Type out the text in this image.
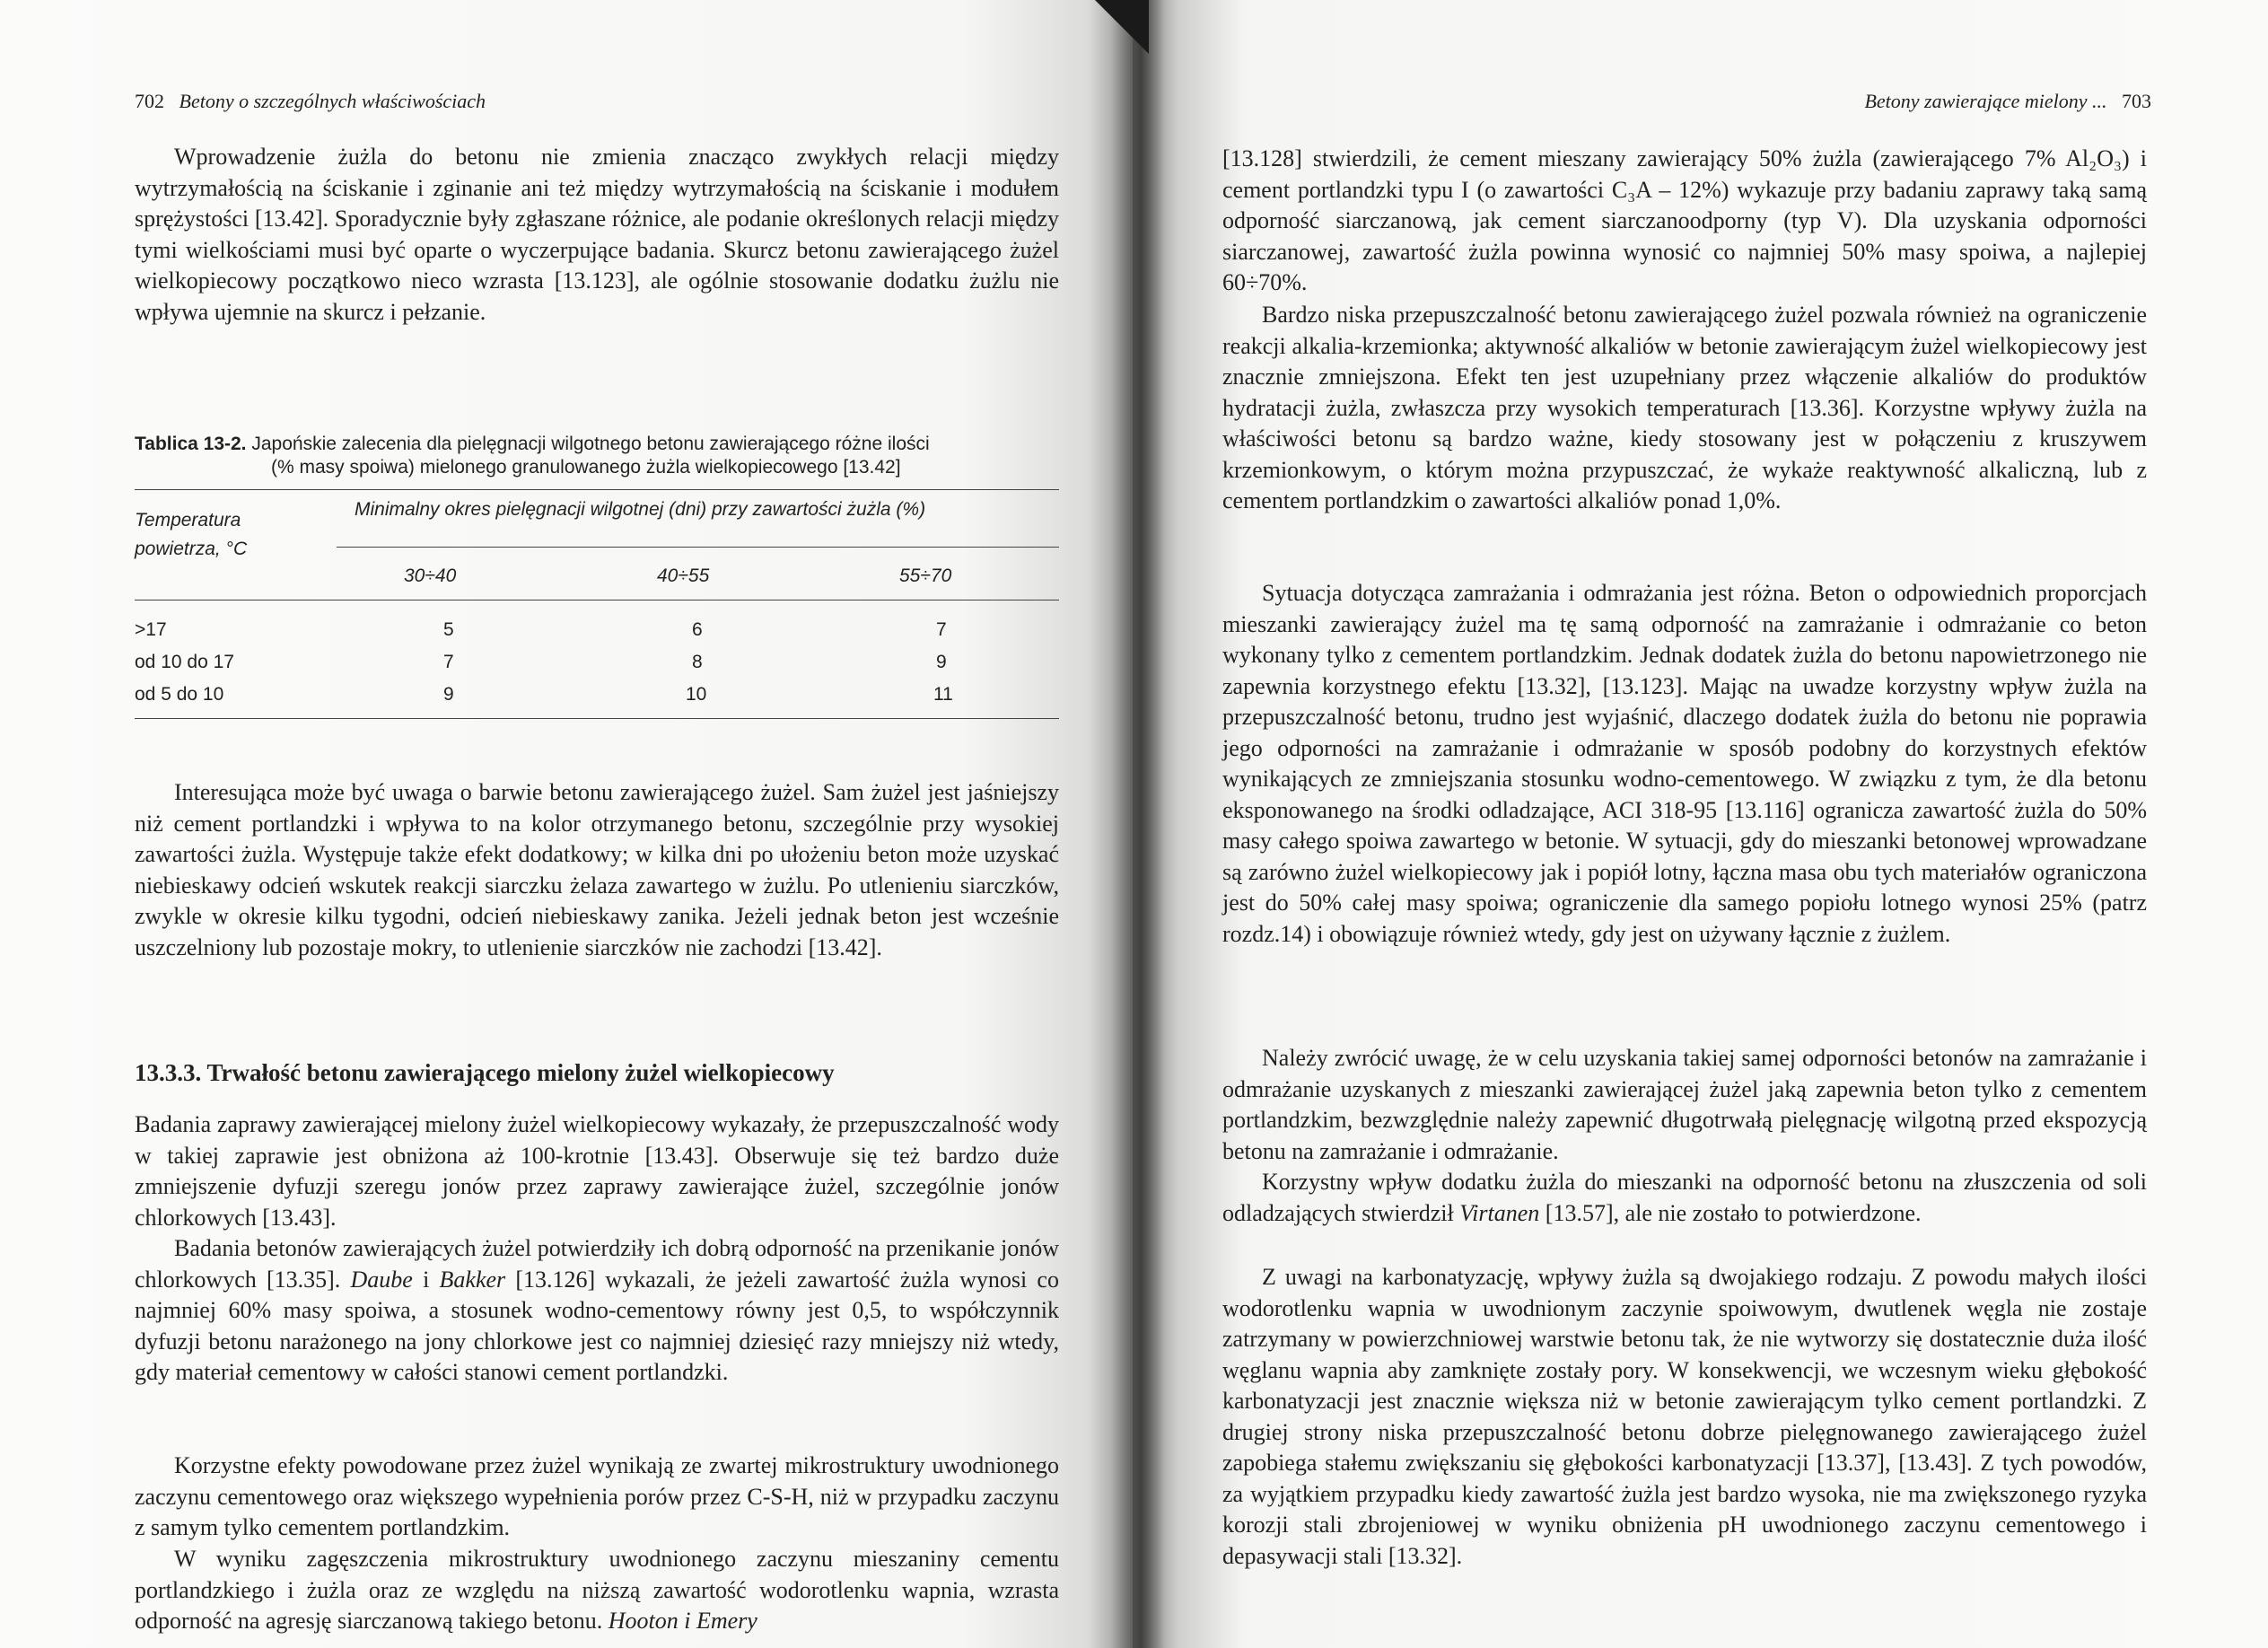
702 Betony o szczególnych właściwościach
Wprowadzenie żużla do betonu nie zmienia znacząco zwykłych relacji między wytrzymałością na ściskanie i zginanie ani też między wytrzymałością na ściskanie i modułem sprężystości [13.42]. Sporadycznie były zgłaszane różnice, ale podanie określonych relacji między tymi wielkościami musi być oparte o wyczerpujące badania. Skurcz betonu zawierającego żużel wielkopiecowy początkowo nieco wzrasta [13.123], ale ogólnie stosowanie dodatku żużlu nie wpływa ujemnie na skurcz i pełzanie.
Tablica 13-2. Japońskie zalecenia dla pielęgnacji wilgotnego betonu zawierającego różne ilości
(% masy spoiwa) mielonego granulowanego żużla wielkopiecowego [13.42]
Temperatura
powietrza, °C
Minimalny okres pielęgnacji wilgotnej (dni) przy zawartości żużla (%)
30÷40	40÷55	55÷70
>17	5	6	7
od 10 do 17	7	8	9
od 5 do 10	9	10	11
Interesująca może być uwaga o barwie betonu zawierającego żużel. Sam żużel jest jaśniejszy niż cement portlandzki i wpływa to na kolor otrzymanego betonu, szczególnie przy wysokiej zawartości żużla. Występuje także efekt dodatkowy; w kilka dni po ułożeniu beton może uzyskać niebieskawy odcień wskutek reakcji siarczku żelaza zawartego w żużlu. Po utlenieniu siarczków, zwykle w okresie kilku tygodni, odcień niebieskawy zanika. Jeżeli jednak beton jest wcześnie uszczelniony lub pozostaje mokry, to utlenienie siarczków nie zachodzi [13.42].
13.3.3. Trwałość betonu zawierającego mielony żużel wielkopiecowy
Badania zaprawy zawierającej mielony żużel wielkopiecowy wykazały, że przepuszczalność wody w takiej zaprawie jest obniżona aż 100-krotnie [13.43]. Obserwuje się też bardzo duże zmniejszenie dyfuzji szeregu jonów przez zaprawy zawierające żużel, szczególnie jonów chlorkowych [13.43].
Badania betonów zawierających żużel potwierdziły ich dobrą odporność na przenikanie jonów chlorkowych [13.35]. Daube i Bakker [13.126] wykazali, że jeżeli zawartość żużla wynosi co najmniej 60% masy spoiwa, a stosunek wodno-cementowy równy jest 0,5, to współczynnik dyfuzji betonu narażonego na jony chlorkowe jest co najmniej dziesięć razy mniejszy niż wtedy, gdy materiał cementowy w całości stanowi cement portlandzki.
Korzystne efekty powodowane przez żużel wynikają ze zwartej mikrostruktury uwodnionego zaczynu cementowego oraz większego wypełnienia porów przez C-S-H, niż w przypadku zaczynu z samym tylko cementem portlandzkim.
W wyniku zagęszczenia mikrostruktury uwodnionego zaczynu mieszaniny cementu portlandzkiego i żużla oraz ze względu na niższą zawartość wodorotlenku wapnia, wzrasta odporność na agresję siarczanową takiego betonu. Hooton i Emery
Betony zawierające mielony ... 703
[13.128] stwierdzili, że cement mieszany zawierający 50% żużla (zawierającego 7% Al₂O₃) i cement portlandzki typu I (o zawartości C₃A – 12%) wykazuje przy badaniu zaprawy taką samą odporność siarczanową, jak cement siarczanoodporny (typ V). Dla uzyskania odporności siarczanowej, zawartość żużla powinna wynosić co najmniej 50% masy spoiwa, a najlepiej 60÷70%.
Bardzo niska przepuszczalność betonu zawierającego żużel pozwala również na ograniczenie reakcji alkalia-krzemionka; aktywność alkaliów w betonie zawierającym żużel wielkopiecowy jest znacznie zmniejszona. Efekt ten jest uzupełniany przez włączenie alkaliów do produktów hydratacji żużla, zwłaszcza przy wysokich temperaturach [13.36]. Korzystne wpływy żużla na właściwości betonu są bardzo ważne, kiedy stosowany jest w połączeniu z kruszywem krzemionkowym, o którym można przypuszczać, że wykaże reaktywność alkaliczną, lub z cementem portlandzkim o zawartości alkaliów ponad 1,0%.
Sytuacja dotycząca zamrażania i odmrażania jest różna. Beton o odpowiednich proporcjach mieszanki zawierający żużel ma tę samą odporność na zamrażanie i odmrażanie co beton wykonany tylko z cementem portlandzkim. Jednak dodatek żużla do betonu napowietrzonego nie zapewnia korzystnego efektu [13.32], [13.123]. Mając na uwadze korzystny wpływ żużla na przepuszczalność betonu, trudno jest wyjaśnić, dlaczego dodatek żużla do betonu nie poprawia jego odporności na zamrażanie i odmrażanie w sposób podobny do korzystnych efektów wynikających ze zmniejszania stosunku wodno-cementowego. W związku z tym, że dla betonu eksponowanego na środki odladzające, ACI 318-95 [13.116] ogranicza zawartość żużla do 50% masy całego spoiwa zawartego w betonie. W sytuacji, gdy do mieszanki betonowej wprowadzane są zarówno żużel wielkopiecowy jak i popiół lotny, łączna masa obu tych materiałów ograniczona jest do 50% całej masy spoiwa; ograniczenie dla samego popiołu lotnego wynosi 25% (patrz rozdz.14) i obowiązuje również wtedy, gdy jest on używany łącznie z żużlem.
Należy zwrócić uwagę, że w celu uzyskania takiej samej odporności betonów na zamrażanie i odmrażanie uzyskanych z mieszanki zawierającej żużel jaką zapewnia beton tylko z cementem portlandzkim, bezwzględnie należy zapewnić długotrwałą pielęgnację wilgotną przed ekspozycją betonu na zamrażanie i odmrażanie.
Korzystny wpływ dodatku żużla do mieszanki na odporność betonu na złuszczenia od soli odladzających stwierdził Virtanen [13.57], ale nie zostało to potwierdzone.
Z uwagi na karbonatyzację, wpływy żużla są dwojakiego rodzaju. Z powodu małych ilości wodorotlenku wapnia w uwodnionym zaczynie spoiwowym, dwutlenek węgla nie zostaje zatrzymany w powierzchniowej warstwie betonu tak, że nie wytworzy się dostatecznie duża ilość węglanu wapnia aby zamknięte zostały pory. W konsekwencji, we wczesnym wieku głębokość karbonatyzacji jest znacznie większa niż w betonie zawierającym tylko cement portlandzki. Z drugiej strony niska przepuszczalność betonu dobrze pielęgnowanego zawierającego żużel zapobiega stałemu zwiększaniu się głębokości karbonatyzacji [13.37], [13.43]. Z tych powodów, za wyjątkiem przypadku kiedy zawartość żużla jest bardzo wysoka, nie ma zwiększonego ryzyka korozji stali zbrojeniowej w wyniku obniżenia pH uwodnionego zaczynu cementowego i depasywacji stali [13.32].
